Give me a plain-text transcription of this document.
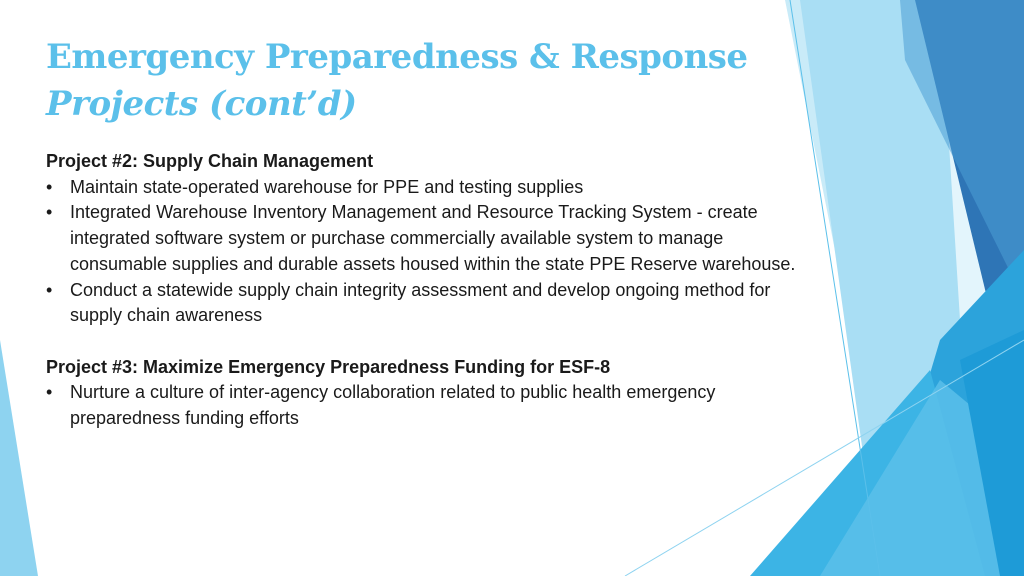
Emergency Preparedness & Response
Projects (cont’d)

Project #2: Supply Chain Management

• Maintain state-operated warehouse for PPE and testing supplies
• Integrated Warehouse Inventory Management and Resource Tracking System - create integrated software system or purchase commercially available system to manage consumable supplies and durable assets housed within the state PPE Reserve warehouse.
• Conduct a statewide supply chain integrity assessment and develop ongoing method for supply chain awareness

Project #3: Maximize Emergency Preparedness Funding for ESF-8

• Nurture a culture of inter-agency collaboration related to public health emergency preparedness funding efforts
